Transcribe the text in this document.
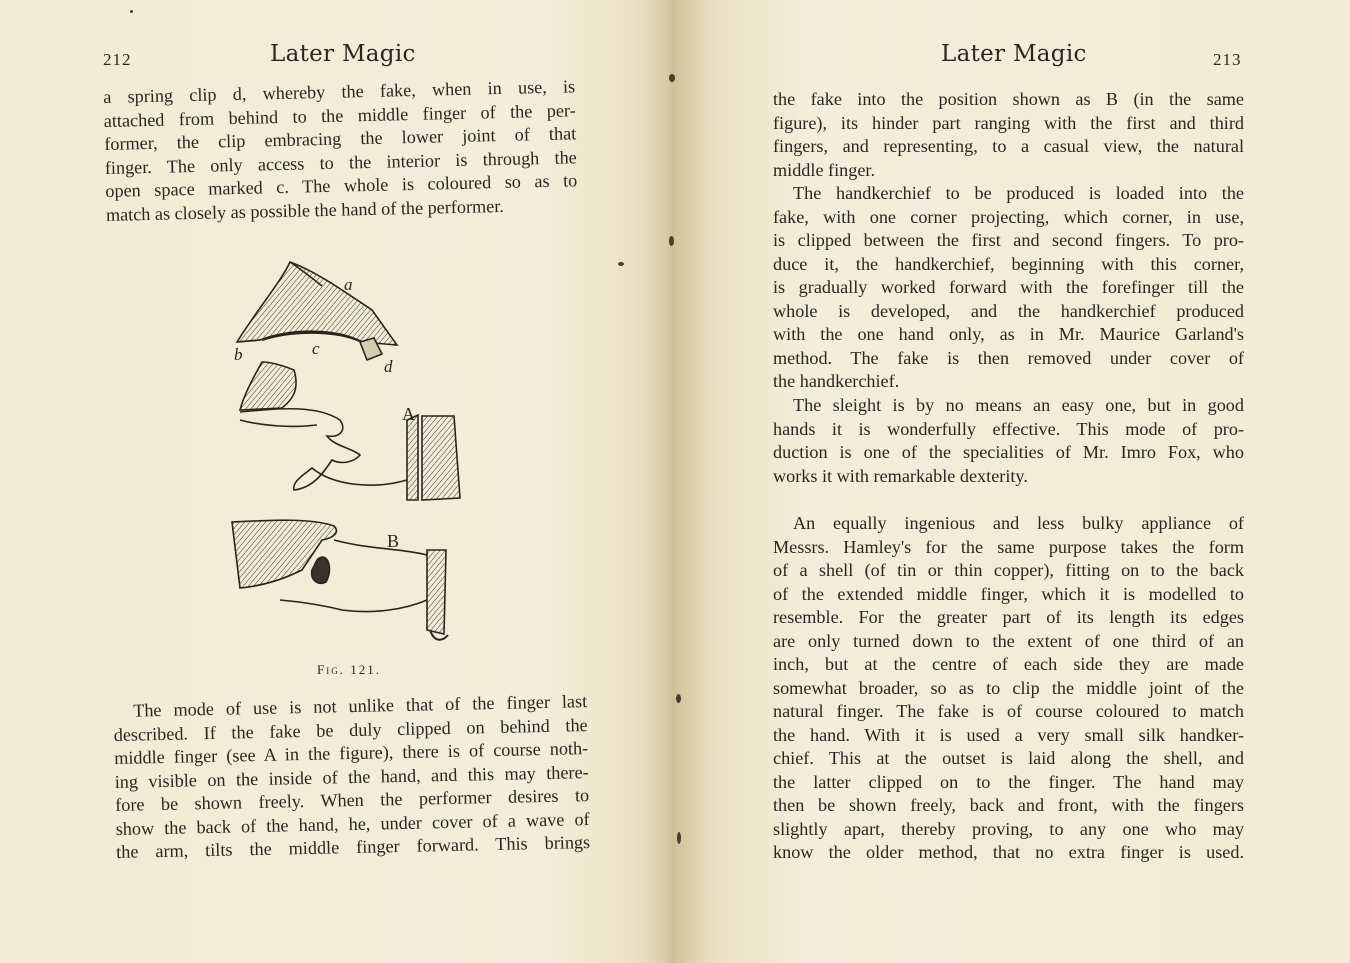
212	Later Magic
a spring clip d, whereby the fake, when in use, is
attached from behind to the middle finger of the per-
former, the clip embracing the lower joint of that
finger. The only access to the interior is through the
open space marked c. The whole is coloured so as to
match as closely as possible the hand of the performer.
a
b	c
d
A
B
Fig. 121.
The mode of use is not unlike that of the finger last
described. If the fake be duly clipped on behind the
middle finger (see A in the figure), there is of course noth-
ing visible on the inside of the hand, and this may there-
fore be shown freely. When the performer desires to
show the back of the hand, he, under cover of a wave of
the arm, tilts the middle finger forward. This brings
Later Magic	213
the fake into the position shown as B (in the same
figure), its hinder part ranging with the first and third
fingers, and representing, to a casual view, the natural
middle finger.
The handkerchief to be produced is loaded into the
fake, with one corner projecting, which corner, in use,
is clipped between the first and second fingers. To pro-
duce it, the handkerchief, beginning with this corner,
is gradually worked forward with the forefinger till the
whole is developed, and the handkerchief produced
with the one hand only, as in Mr. Maurice Garland's
method. The fake is then removed under cover of
the handkerchief.
The sleight is by no means an easy one, but in good
hands it is wonderfully effective. This mode of pro-
duction is one of the specialities of Mr. Imro Fox, who
works it with remarkable dexterity.
An equally ingenious and less bulky appliance of
Messrs. Hamley's for the same purpose takes the form
of a shell (of tin or thin copper), fitting on to the back
of the extended middle finger, which it is modelled to
resemble. For the greater part of its length its edges
are only turned down to the extent of one third of an
inch, but at the centre of each side they are made
somewhat broader, so as to clip the middle joint of the
natural finger. The fake is of course coloured to match
the hand. With it is used a very small silk handker-
chief. This at the outset is laid along the shell, and
the latter clipped on to the finger. The hand may
then be shown freely, back and front, with the fingers
slightly apart, thereby proving, to any one who may
know the older method, that no extra finger is used.
